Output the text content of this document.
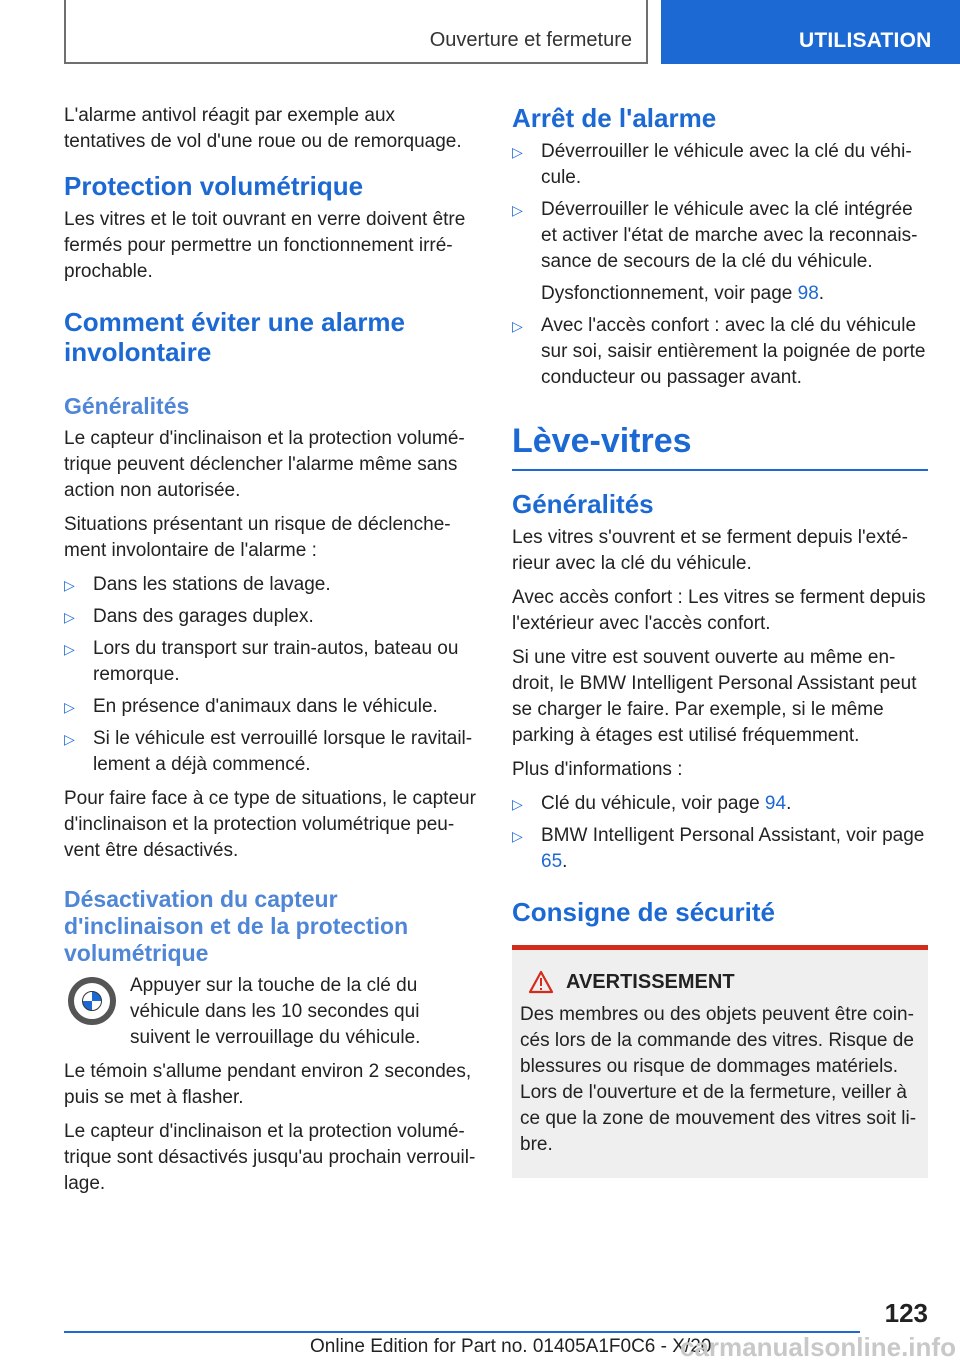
Ouverture et fermeture	UTILISATION

L'alarme antivol réagit par exemple aux tentatives de vol d'une roue ou de remorquage.

Protection volumétrique

Les vitres et le toit ouvrant en verre doivent être fermés pour permettre un fonctionnement irréprochable.

Comment éviter une alarme involontaire
Généralités

Le capteur d'inclinaison et la protection volumétrique peuvent déclencher l'alarme même sans action non autorisée.

Situations présentant un risque de déclenchement involontaire de l'alarme :

▷ Dans les stations de lavage.
▷ Dans des garages duplex.
▷ Lors du transport sur train-autos, bateau ou remorque.
▷ En présence d'animaux dans le véhicule.
▷ Si le véhicule est verrouillé lorsque le ravitaillement a déjà commencé.

Pour faire face à ce type de situations, le capteur d'inclinaison et la protection volumétrique peuvent être désactivés.

Désactivation du capteur d'inclinaison et de la protection volumétrique

Appuyer sur la touche de la clé du véhicule dans les 10 secondes qui suivent le verrouillage du véhicule.

Le témoin s'allume pendant environ 2 secondes, puis se met à flasher.

Le capteur d'inclinaison et la protection volumétrique sont désactivés jusqu'au prochain verrouillage.

Arrêt de l'alarme
▷ Déverrouiller le véhicule avec la clé du véhicule.
▷ Déverrouiller le véhicule avec la clé intégrée et activer l'état de marche avec la reconnaissance de secours de la clé du véhicule.
Dysfonctionnement, voir page 98.
▷ Avec l'accès confort : avec la clé du véhicule sur soi, saisir entièrement la poignée de porte conducteur ou passager avant.
Lève-vitres
Généralités

Les vitres s'ouvrent et se ferment depuis l'extérieur avec la clé du véhicule.

Avec accès confort : Les vitres se ferment depuis l'extérieur avec l'accès confort.

Si une vitre est souvent ouverte au même endroit, le BMW Intelligent Personal Assistant peut se charger le faire. Par exemple, si le même parking à étages est utilisé fréquemment.

Plus d'informations :

▷ Clé du véhicule, voir page 94.
▷ BMW Intelligent Personal Assistant, voir page 65.
Consigne de sécurité
AVERTISSEMENT

Des membres ou des objets peuvent être coincés lors de la commande des vitres. Risque de blessures ou risque de dommages matériels. Lors de l'ouverture et de la fermeture, veiller à ce que la zone de mouvement des vitres soit libre.

123
Online Edition for Part no. 01405A1F0C6 - X/20
carmanualsonline.info
